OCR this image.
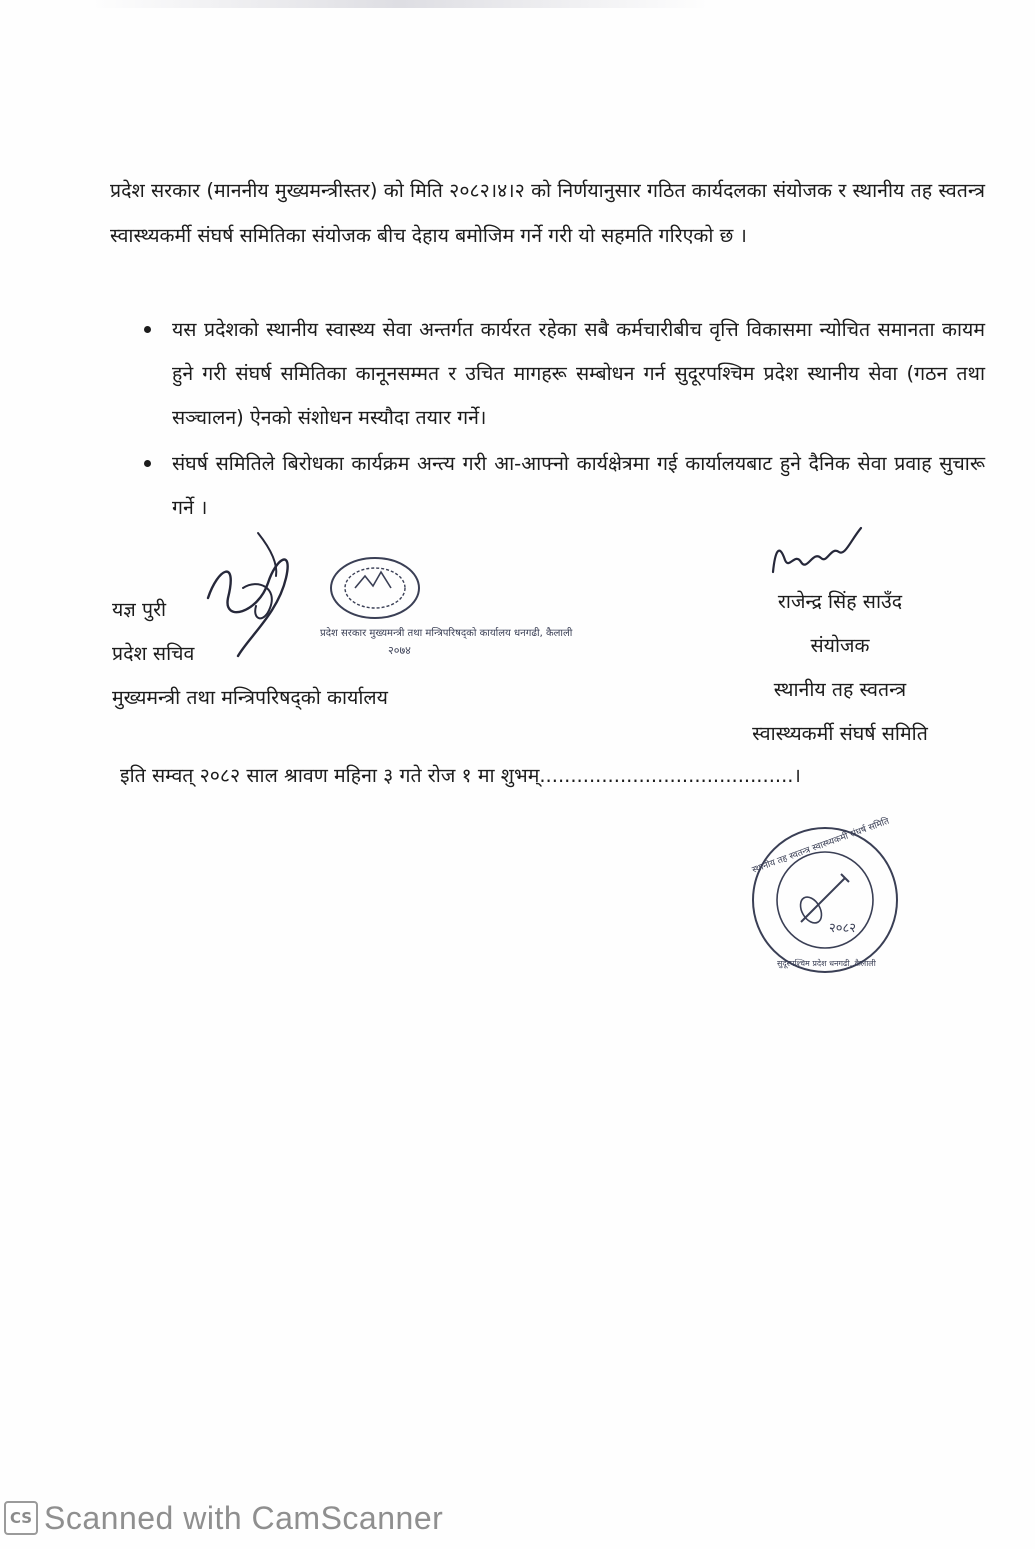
प्रदेश सरकार (माननीय मुख्यमन्त्रीस्तर) को मिति २०८२।४।२ को निर्णयानुसार गठित कार्यदलका संयोजक र स्थानीय तह स्वतन्त्र स्वास्थ्यकर्मी संघर्ष समितिका संयोजक बीच देहाय बमोजिम गर्ने गरी यो सहमति गरिएको छ ।

यस प्रदेशको स्थानीय स्वास्थ्य सेवा अन्तर्गत कार्यरत रहेका सबै कर्मचारीबीच वृत्ति विकासमा न्योचित समानता कायम हुने गरी संघर्ष समितिका कानूनसम्मत र उचित मागहरू सम्बोधन गर्न सुदूरपश्चिम प्रदेश स्थानीय सेवा (गठन तथा सञ्चालन) ऐनको संशोधन मस्यौदा तयार गर्ने।
संघर्ष समितिले बिरोधका कार्यक्रम अन्त्य गरी आ-आफ्नो कार्यक्षेत्रमा गई कार्यालयबाट हुने दैनिक सेवा प्रवाह सुचारू गर्ने ।
प्रदेश सरकार मुख्यमन्त्री तथा मन्त्रिपरिषद्को कार्यालय धनगढी, कैलाली
२०७४
यज्ञ पुरी
प्रदेश सचिव
मुख्यमन्त्री तथा मन्त्रिपरिषद्को कार्यालय
राजेन्द्र सिंह साउँद
संयोजक
स्थानीय तह स्वतन्त्र
स्वास्थ्यकर्मी संघर्ष समिति
इति सम्वत् २०८२ साल श्रावण महिना ३ गते रोज १ मा शुभम्.........................................।
२०८२
स्थानीय तह स्वतन्त्र स्वास्थ्यकर्मी संघर्ष समिति
सुदूरपश्चिम प्रदेश धनगढी, कैलाली
CS Scanned with CamScanner
